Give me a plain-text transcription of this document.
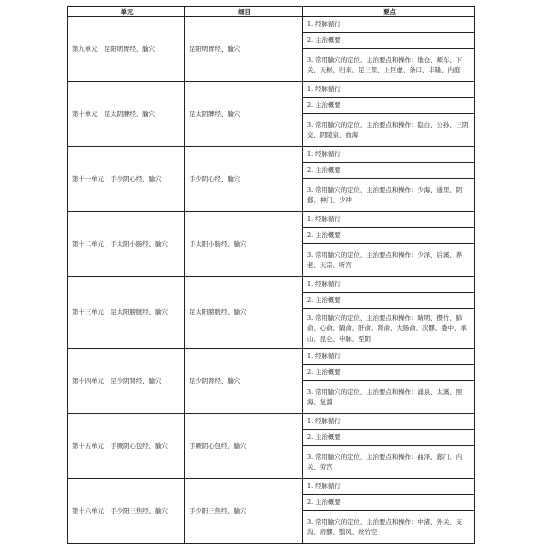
单元	细目	要点
第九单元　足阳明胃经、腧穴	足阳明胃经、腧穴	1. 经脉循行
		2. 主治概要
		3. 常用腧穴的定位、主治要点和操作：地仓、颊车、下关、天枢、归来、足三里、上巨虚、条口、丰隆、内庭
第十单元　足太阴脾经、腧穴	足太阴脾经、腧穴	1. 经脉循行
		2. 主治概要
		3. 常用腧穴的定位、主治要点和操作：隐白、公孙、三阴交、阴陵泉、血海
第十一单元　手少阴心经、腧穴	手少阴心经、腧穴	1. 经脉循行
		2. 主治概要
		3. 常用腧穴的定位、主治要点和操作：少海、通里、阴郄、神门、少冲
第十二单元　手太阳小肠经、腧穴	手太阳小肠经、腧穴	1. 经脉循行
		2. 主治概要
		3. 常用腧穴的定位、主治要点和操作：少泽、后溪、养老、天宗、听宫
第十三单元　足太阳膀胱经、腧穴	足太阳膀胱经、腧穴	1. 经脉循行
		2. 主治概要
		3. 常用腧穴的定位、主治要点和操作：睛明、攒竹、肺俞、心俞、膈俞、肝俞、肾俞、大肠俞、次髎、委中、承山、昆仑、申脉、至阴
第十四单元　足少阴肾经、腧穴	足少阴肾经、腧穴	1. 经脉循行
		2. 主治概要
		3. 常用腧穴的定位、主治要点和操作：涌泉、太溪、照海、复溜
第十五单元　手厥阴心包经、腧穴	手厥阴心包经、腧穴	1. 经脉循行
		2. 主治概要
		3. 常用腧穴的定位、主治要点和操作：曲泽、郄门、内关、劳宫
第十六单元　手少阳三焦经、腧穴	手少阳三焦经、腧穴	1. 经脉循行
		2. 主治概要
		3. 常用腧穴的定位、主治要点和操作：中渚、外关、支沟、肩髎、翳风、丝竹空
